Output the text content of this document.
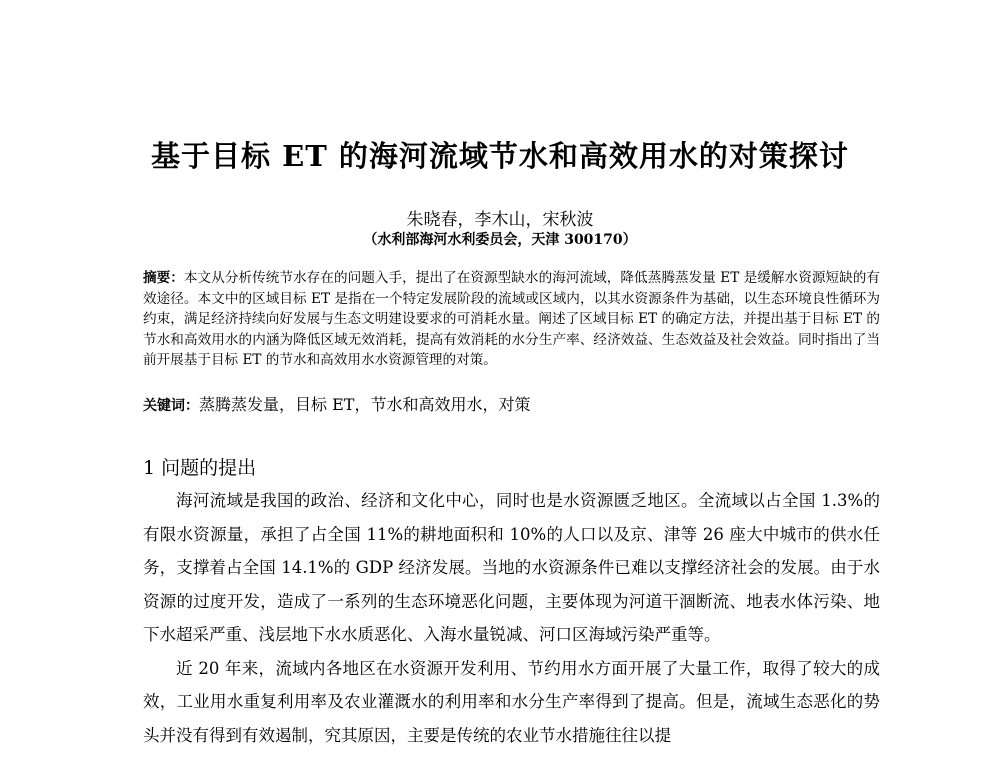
基于目标 ET 的海河流域节水和高效用水的对策探讨
朱晓春，李木山，宋秋波
（水利部海河水利委员会，天津 300170）
摘要：本文从分析传统节水存在的问题入手，提出了在资源型缺水的海河流域，降低蒸腾蒸发量 ET 是缓解水资源短缺的有效途径。本文中的区域目标 ET 是指在一个特定发展阶段的流域或区域内，以其水资源条件为基础，以生态环境良性循环为约束，满足经济持续向好发展与生态文明建设要求的可消耗水量。阐述了区域目标 ET 的确定方法，并提出基于目标 ET 的节水和高效用水的内涵为降低区域无效消耗，提高有效消耗的水分生产率、经济效益、生态效益及社会效益。同时指出了当前开展基于目标 ET 的节水和高效用水水资源管理的对策。
关键词：蒸腾蒸发量，目标 ET，节水和高效用水，对策
1 问题的提出

海河流域是我国的政治、经济和文化中心，同时也是水资源匮乏地区。全流域以占全国 1.3%的有限水资源量，承担了占全国 11%的耕地面积和 10%的人口以及京、津等 26 座大中城市的供水任务，支撑着占全国 14.1%的 GDP 经济发展。当地的水资源条件已难以支撑经济社会的发展。由于水资源的过度开发，造成了一系列的生态环境恶化问题，主要体现为河道干涸断流、地表水体污染、地下水超采严重、浅层地下水水质恶化、入海水量锐减、河口区海域污染严重等。

近 20 年来，流域内各地区在水资源开发利用、节约用水方面开展了大量工作，取得了较大的成效，工业用水重复利用率及农业灌溉水的利用率和水分生产率得到了提高。但是，流域生态恶化的势头并没有得到有效遏制，究其原因，主要是传统的农业节水措施往往以提
